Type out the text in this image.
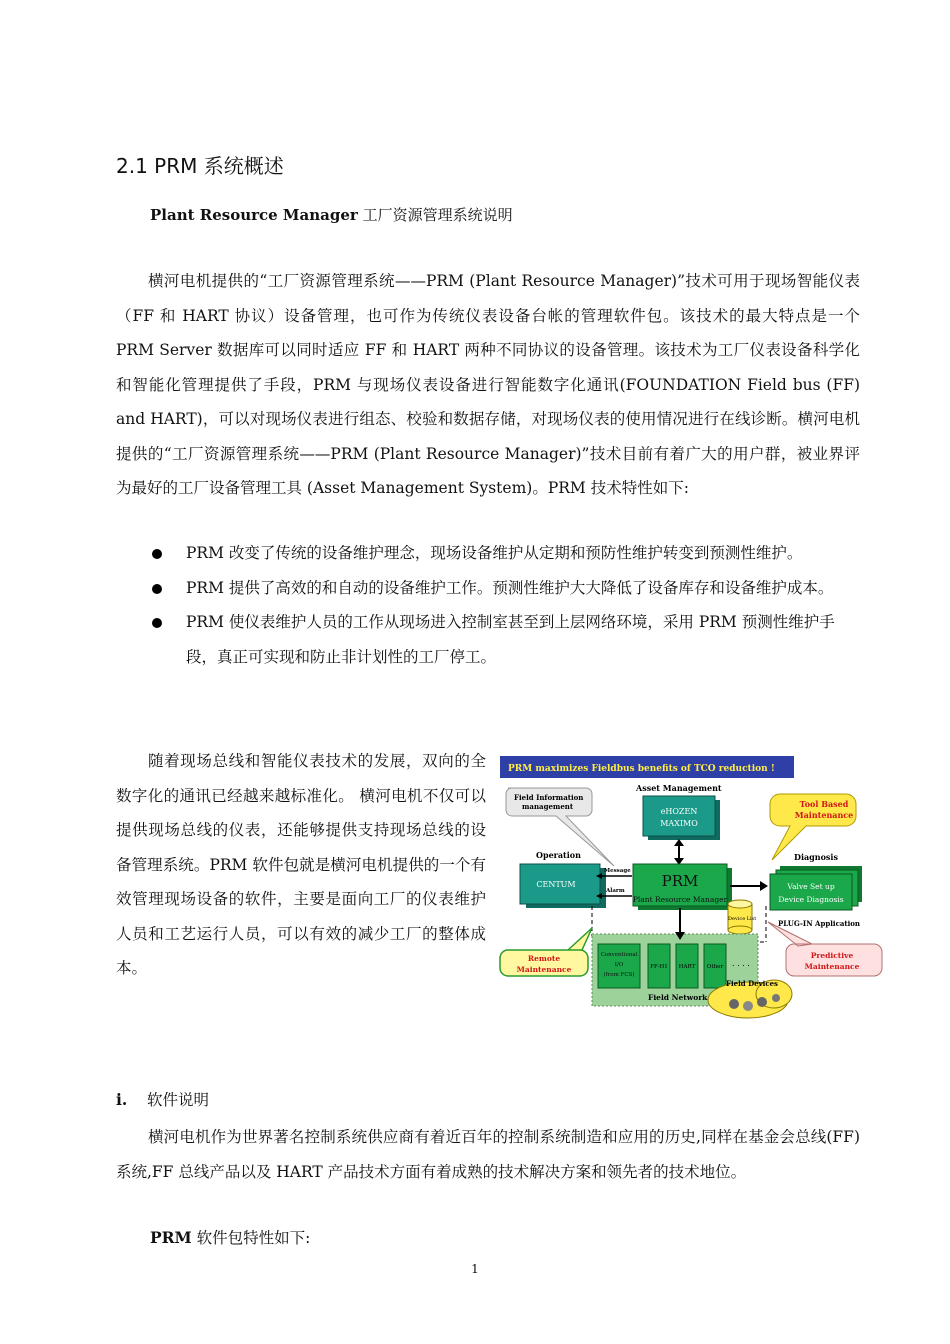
2.1 PRM 系统概述
Plant Resource Manager 工厂资源管理系统说明

横河电机提供的“工厂资源管理系统——PRM (Plant Resource Manager)”技术可用于现场智能仪表（FF 和 HART 协议）设备管理，也可作为传统仪表设备台帐的管理软件包。该技术的最大特点是一个 PRM Server 数据库可以同时适应 FF 和 HART 两种不同协议的设备管理。该技术为工厂仪表设备科学化和智能化管理提供了手段，PRM 与现场仪表设备进行智能数字化通讯(FOUNDATION Field bus (FF) and HART)，可以对现场仪表进行组态、校验和数据存储，对现场仪表的使用情况进行在线诊断。横河电机提供的“工厂资源管理系统——PRM (Plant Resource Manager)”技术目前有着广大的用户群，被业界评为最好的工厂设备管理工具 (Asset Management System)。PRM 技术特性如下:

PRM 改变了传统的设备维护理念，现场设备维护从定期和预防性维护转变到预测性维护。
PRM 提供了高效的和自动的设备维护工作。预测性维护大大降低了设备库存和设备维护成本。
PRM 使仪表维护人员的工作从现场进入控制室甚至到上层网络环境，采用 PRM 预测性维护手段，真正可实现和防止非计划性的工厂停工。

随着现场总线和智能仪表技术的发展，双向的全数字化的通讯已经越来越标准化。 横河电机不仅可以提供现场总线的仪表，还能够提供支持现场总线的设备管理系统。PRM 软件包就是横河电机提供的一个有效管理现场设备的软件，主要是面向工厂的仪表维护人员和工艺运行人员，可以有效的减少工厂的整体成本。

PRM maximizes Fieldbus benefits of TCO reduction !
Field Information
management
Asset Management
eHOZEN
MAXIMO
Tool Based
Maintenance
Operation
CENTUM
Message
Alarm
PRM
Plant Resource Manager
Device List
Diagnosis
Valve Set up
Device Diagnosis
PLUG-IN Application
Conventional
I/O
(from FCS)
FF-H1 HART Other . . . .
Field Network
Remote
Maintenance
Predictive
Maintenance
Field Devices
i. 软件说明

横河电机作为世界著名控制系统供应商有着近百年的控制系统制造和应用的历史,同样在基金会总线(FF)系统,FF 总线产品以及 HART 产品技术方面有着成熟的技术解决方案和领先者的技术地位。

PRM 软件包特性如下:
1
